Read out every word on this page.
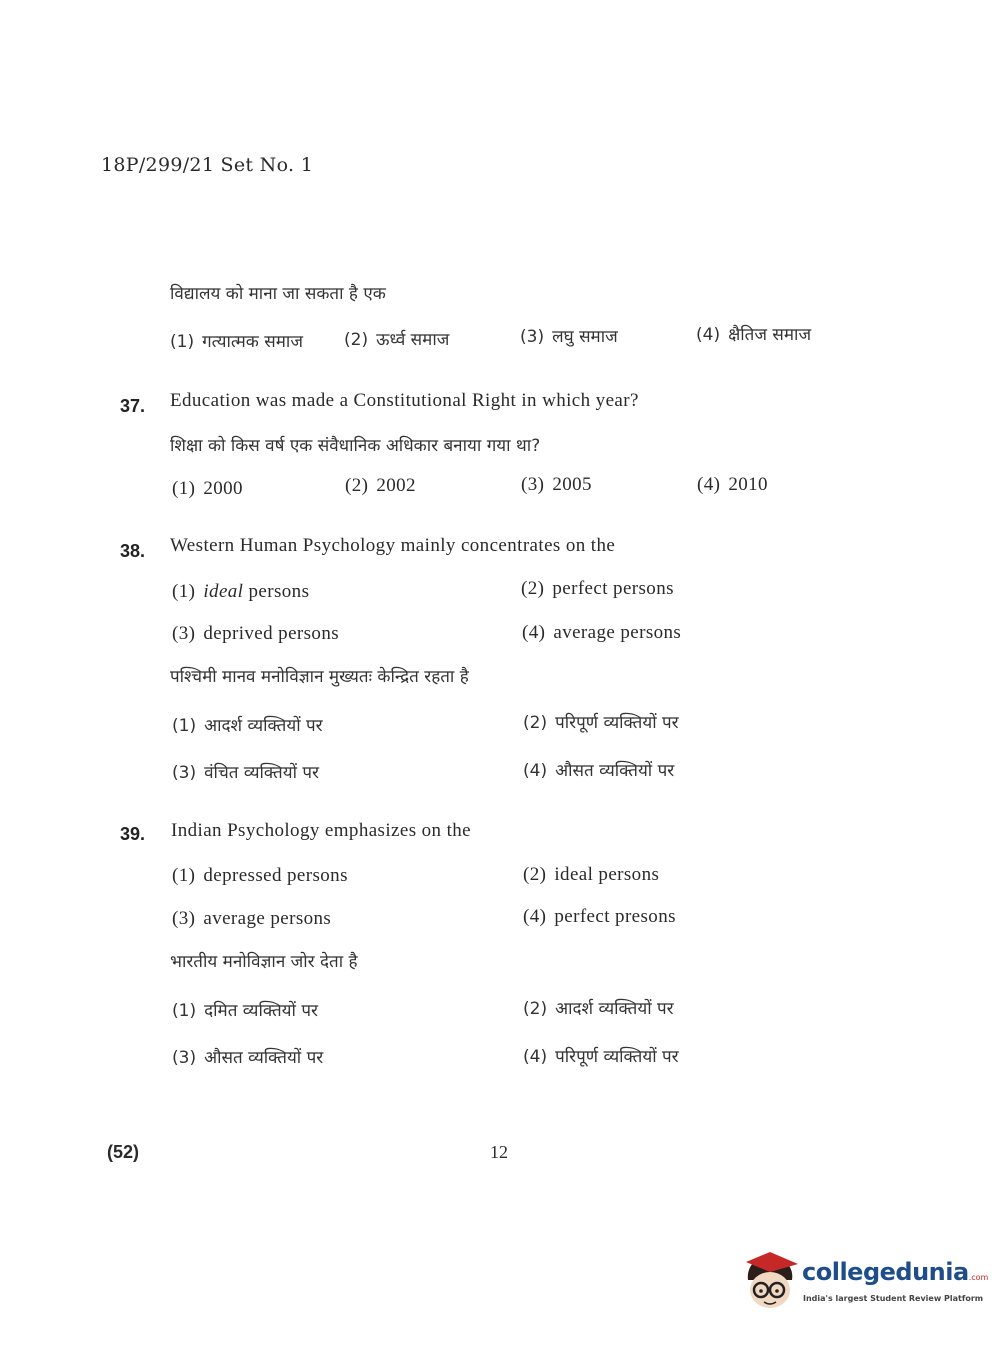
18P/299/21 Set No. 1
विद्यालय को माना जा सकता है एक
(1) गत्यात्मक समाज (2) ऊर्ध्व समाज	(3) लघु समाज	(4) क्षैतिज समाज
37. Education was made a Constitutional Right in which year?
शिक्षा को किस वर्ष एक संवैधानिक अधिकार बनाया गया था?
(1) 2000	(2) 2002	(3) 2005	(4) 2010
38. Western Human Psychology mainly concentrates on the
(1) ideal persons	(2) perfect persons
(3) deprived persons	(4) average persons
पश्चिमी मानव मनोविज्ञान मुख्यतः केन्द्रित रहता है
(1) आदर्श व्यक्तियों पर	(2) परिपूर्ण व्यक्तियों पर
(3) वंचित व्यक्तियों पर	(4) औसत व्यक्तियों पर
39. Indian Psychology emphasizes on the
(1) depressed persons	(2) ideal persons
(3) average persons	(4) perfect presons
भारतीय मनोविज्ञान जोर देता है
(1) दमित व्यक्तियों पर	(2) आदर्श व्यक्तियों पर
(3) औसत व्यक्तियों पर	(4) परिपूर्ण व्यक्तियों पर
(52)	12
collegedunia.com
India's largest Student Review Platform
